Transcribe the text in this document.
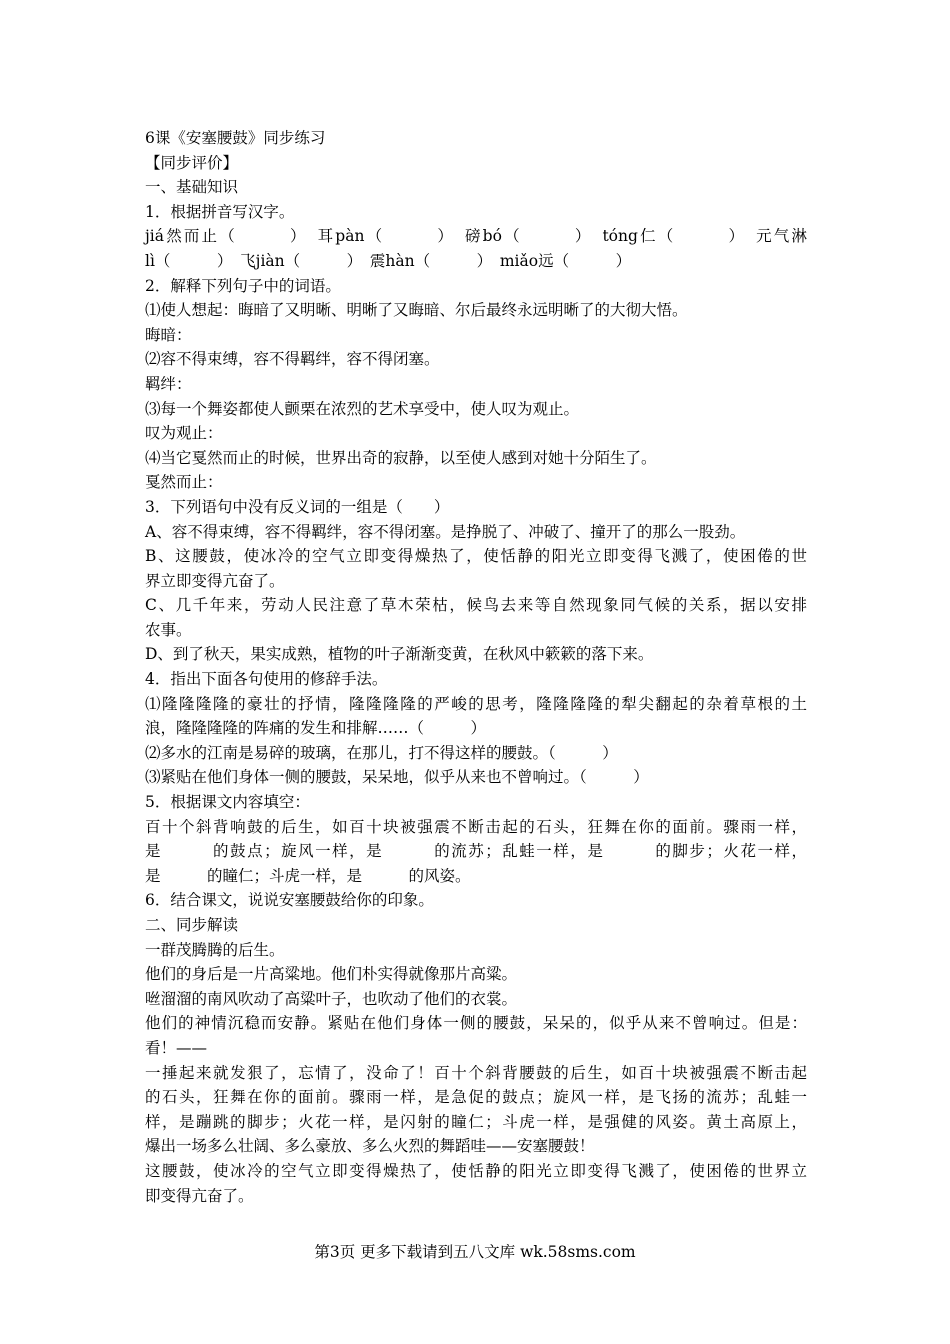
6课《安塞腰鼓》同步练习
【同步评价】
一、基础知识
1．根据拼音写汉字。
jiá然而止（　　　）　耳pàn（　　　）　磅bó（　　　）　tóng仁（　　　）　元气淋
lì（　　　）　飞jiàn（　　　）　震hàn（　　　）　miǎo远（　　　）
2．解释下列句子中的词语。
⑴使人想起：晦暗了又明晰、明晰了又晦暗、尔后最终永远明晰了的大彻大悟。
晦暗：
⑵容不得束缚，容不得羁绊，容不得闭塞。
羁绊：
⑶每一个舞姿都使人颤栗在浓烈的艺术享受中，使人叹为观止。
叹为观止：
⑷当它戛然而止的时候，世界出奇的寂静，以至使人感到对她十分陌生了。
戛然而止：
3．下列语句中没有反义词的一组是（　　）
A、容不得束缚，容不得羁绊，容不得闭塞。是挣脱了、冲破了、撞开了的那么一股劲。
B、这腰鼓，使冰冷的空气立即变得燥热了，使恬静的阳光立即变得飞溅了，使困倦的世
界立即变得亢奋了。
C、几千年来，劳动人民注意了草木荣枯，候鸟去来等自然现象同气候的关系，据以安排
农事。
D、到了秋天，果实成熟，植物的叶子渐渐变黄，在秋风中簌簌的落下来。
4．指出下面各句使用的修辞手法。
⑴隆隆隆隆的豪壮的抒情，隆隆隆隆的严峻的思考，隆隆隆隆的犁尖翻起的杂着草根的土
浪，隆隆隆隆的阵痛的发生和排解……（　　　）
⑵多水的江南是易碎的玻璃，在那儿，打不得这样的腰鼓。（　　　）
⑶紧贴在他们身体一侧的腰鼓，呆呆地，似乎从来也不曾响过。（　　　）
5．根据课文内容填空：
百十个斜背响鼓的后生，如百十块被强震不断击起的石头，狂舞在你的面前。骤雨一样，
是　　　的鼓点；旋风一样，是　　　的流苏；乱蛙一样，是　　　的脚步；火花一样，
是　　　的瞳仁；斗虎一样，是　　　的风姿。
6．结合课文，说说安塞腰鼓给你的印象。
二、同步解读
一群茂腾腾的后生。
他们的身后是一片高粱地。他们朴实得就像那片高粱。
咝溜溜的南风吹动了高粱叶子，也吹动了他们的衣裳。
他们的神情沉稳而安静。紧贴在他们身体一侧的腰鼓，呆呆的，似乎从来不曾响过。但是：
看！——
一捶起来就发狠了，忘情了，没命了！百十个斜背腰鼓的后生，如百十块被强震不断击起
的石头，狂舞在你的面前。骤雨一样，是急促的鼓点；旋风一样，是飞扬的流苏；乱蛙一
样，是蹦跳的脚步；火花一样，是闪射的瞳仁；斗虎一样，是强健的风姿。黄土高原上，
爆出一场多么壮阔、多么豪放、多么火烈的舞蹈哇——安塞腰鼓！
这腰鼓，使冰冷的空气立即变得燥热了，使恬静的阳光立即变得飞溅了，使困倦的世界立
即变得亢奋了。
第3页 更多下载请到五八文库 wk.58sms.com
